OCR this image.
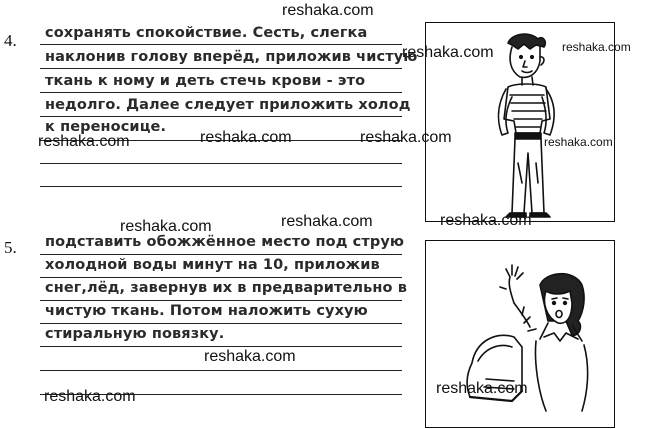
reshaka.com
4. сохранять спокойствие. Сесть, слегка
наклонив голову вперёд, приложив чистую
ткань к ному и деть стечь крови - это
недолго. Далее следует приложить холод
к переносице.
reshaka.com	reshaka.com
reshaka.com
reshaka.com
reshaka.com
reshaka.com
reshaka.com
reshaka.com	reshaka.com
5. подставить обожжённое место под струю
холодной воды минут на 10, приложив
снег,лёд, завернув их в предварительно в
чистую ткань. Потом наложить сухую
стиральную повязку.
reshaka.com
reshaka.com	reshaka.com
